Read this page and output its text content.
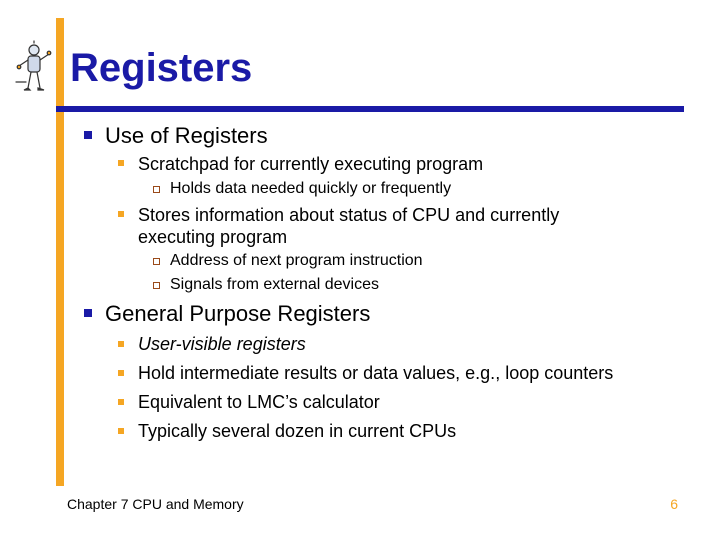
Registers
Use of Registers
Scratchpad for currently executing program
Holds data needed quickly or frequently
Stores information about status of CPU and currently
executing program
Address of next program instruction
Signals from external devices
General Purpose Registers
User-visible registers
Hold intermediate results or data values, e.g., loop counters
Equivalent to LMC’s calculator
Typically several dozen in current CPUs
Chapter 7 CPU and Memory	6
